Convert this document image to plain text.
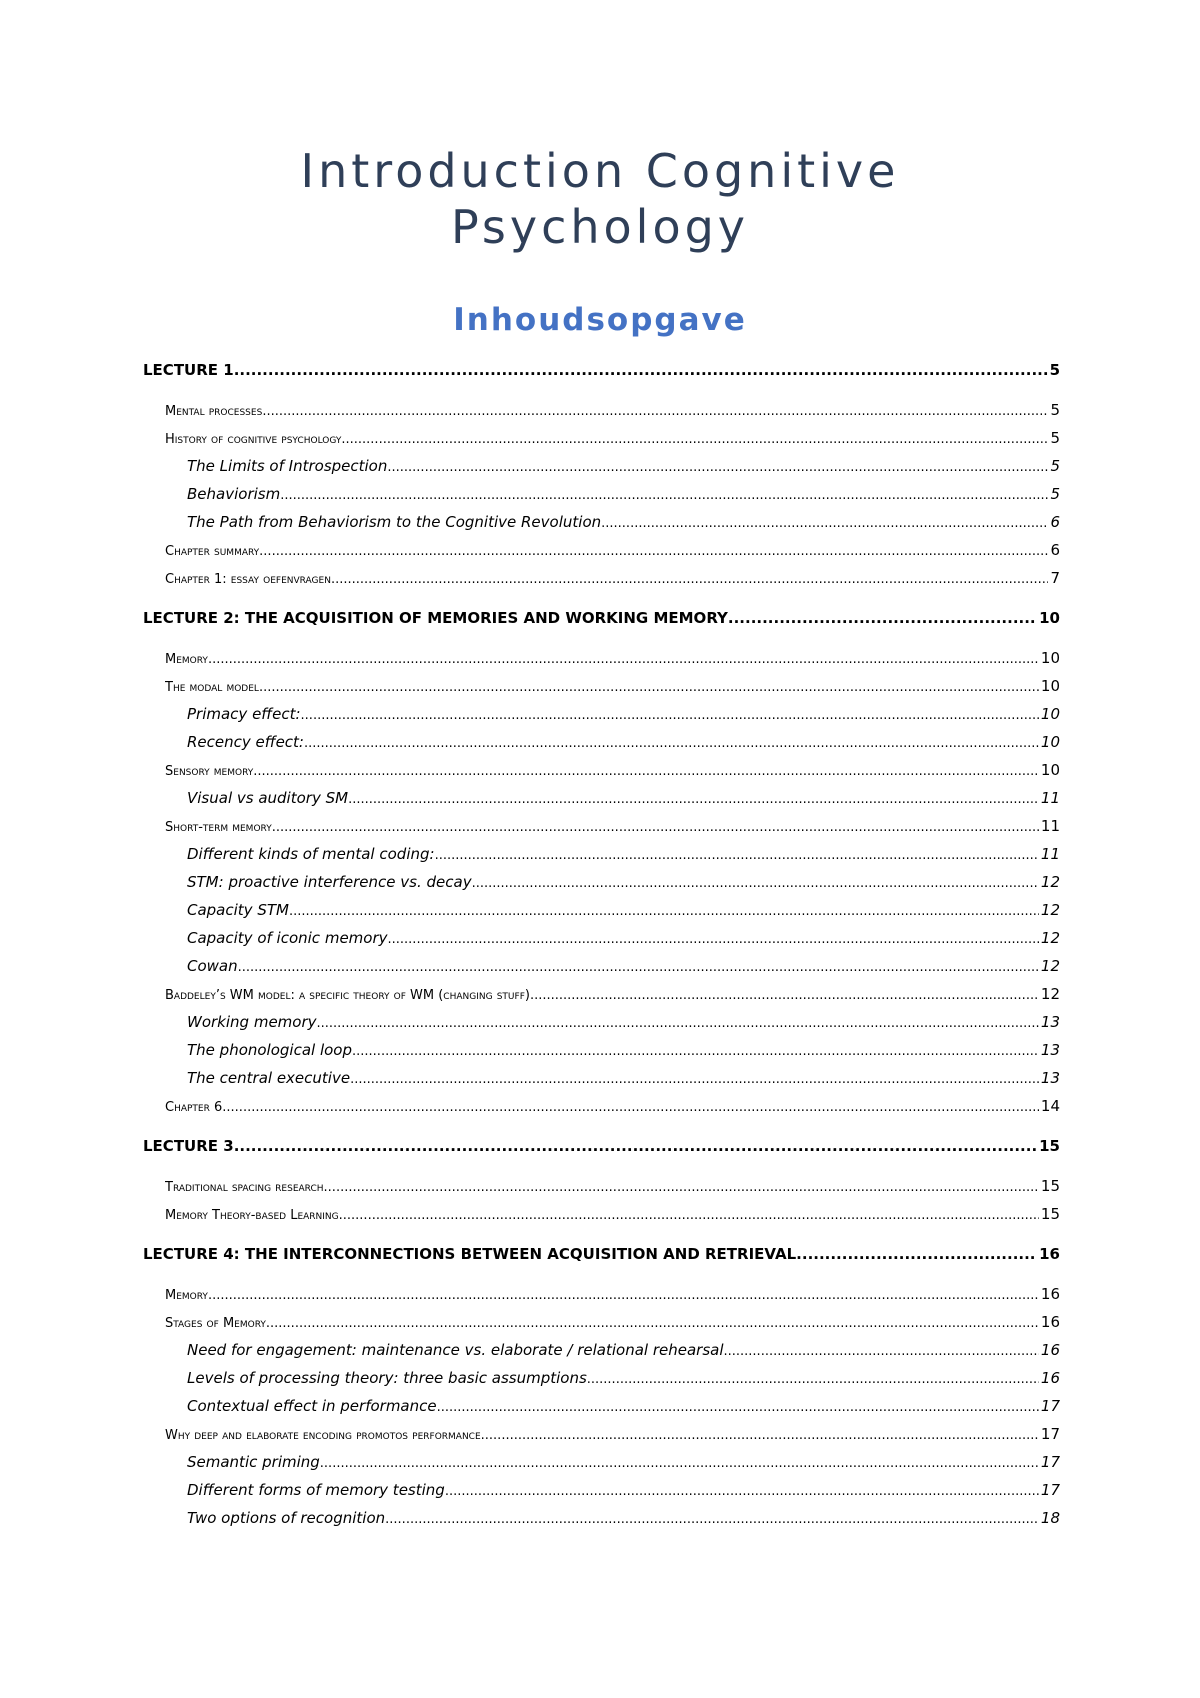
Introduction Cognitive
Psychology
Inhoudsopgave
LECTURE 1 .....	5
Mental processes .....	5
History of cognitive psychology .....	5
The Limits of Introspection .....	5
Behaviorism .....	5
The Path from Behaviorism to the Cognitive Revolution .....	6
Chapter summary .....	6
Chapter 1: essay oefenvragen .....	7
LECTURE 2: THE ACQUISITION OF MEMORIES AND WORKING MEMORY .....	10
Memory .....	10
The modal model .....	10
Primacy effect: .....	10
Recency effect: .....	10
Sensory memory .....	10
Visual vs auditory SM .....	11
Short-term memory .....	11
Different kinds of mental coding: .....	11
STM: proactive interference vs. decay .....	12
Capacity STM .....	12
Capacity of iconic memory .....	12
Cowan .....	12
Baddeley’s WM model: a specific theory of WM (changing stuff) .....	12
Working memory .....	13
The phonological loop .....	13
The central executive .....	13
Chapter 6 .....	14
LECTURE 3 .....	15
Traditional spacing research .....	15
Memory Theory-based Learning .....	15
LECTURE 4: THE INTERCONNECTIONS BETWEEN ACQUISITION AND RETRIEVAL .....	16
Memory .....	16
Stages of Memory .....	16
Need for engagement: maintenance vs. elaborate / relational rehearsal .....	16
Levels of processing theory: three basic assumptions .....	16
Contextual effect in performance .....	17
Why deep and elaborate encoding promotos performance .....	17
Semantic priming .....	17
Different forms of memory testing .....	17
Two options of recognition .....	18
